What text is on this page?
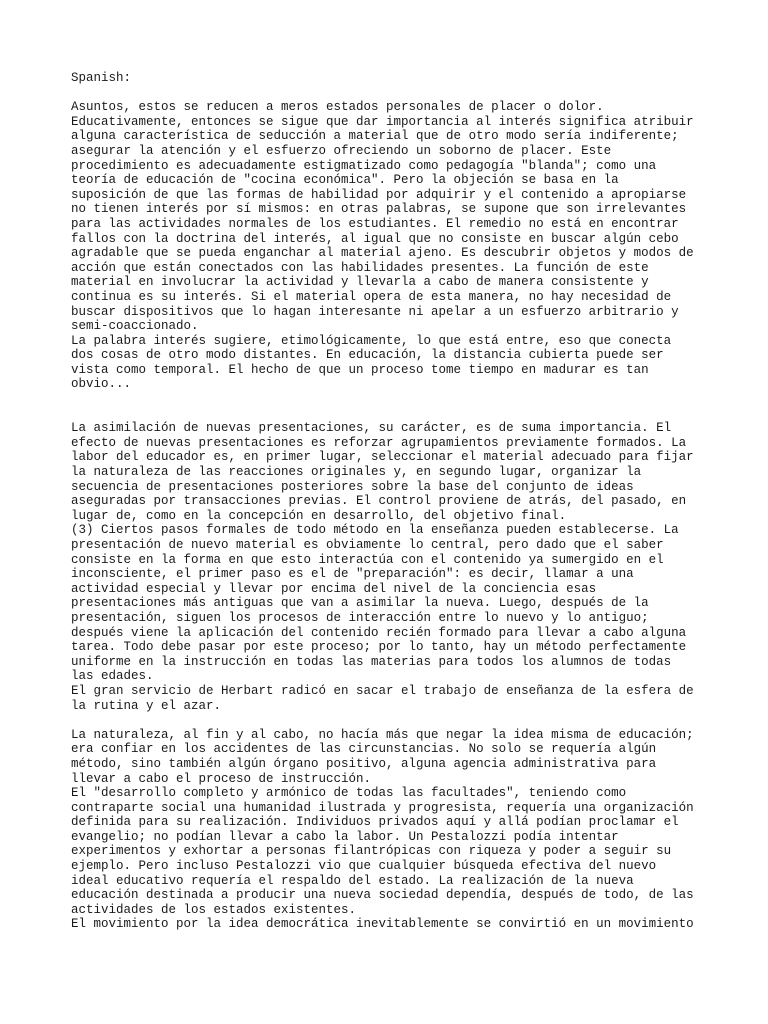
Spanish:
Asuntos, estos se reducen a meros estados personales de placer o dolor.
Educativamente, entonces se sigue que dar importancia al interés significa atribuir
alguna característica de seducción a material que de otro modo sería indiferente;
asegurar la atención y el esfuerzo ofreciendo un soborno de placer. Este
procedimiento es adecuadamente estigmatizado como pedagogía "blanda"; como una
teoría de educación de "cocina económica". Pero la objeción se basa en la
suposición de que las formas de habilidad por adquirir y el contenido a apropiarse
no tienen interés por sí mismos: en otras palabras, se supone que son irrelevantes
para las actividades normales de los estudiantes. El remedio no está en encontrar
fallos con la doctrina del interés, al igual que no consiste en buscar algún cebo
agradable que se pueda enganchar al material ajeno. Es descubrir objetos y modos de
acción que están conectados con las habilidades presentes. La función de este
material en involucrar la actividad y llevarla a cabo de manera consistente y
continua es su interés. Si el material opera de esta manera, no hay necesidad de
buscar dispositivos que lo hagan interesante ni apelar a un esfuerzo arbitrario y
semi-coaccionado.
La palabra interés sugiere, etimológicamente, lo que está entre, eso que conecta
dos cosas de otro modo distantes. En educación, la distancia cubierta puede ser
vista como temporal. El hecho de que un proceso tome tiempo en madurar es tan
obvio...
La asimilación de nuevas presentaciones, su carácter, es de suma importancia. El
efecto de nuevas presentaciones es reforzar agrupamientos previamente formados. La
labor del educador es, en primer lugar, seleccionar el material adecuado para fijar
la naturaleza de las reacciones originales y, en segundo lugar, organizar la
secuencia de presentaciones posteriores sobre la base del conjunto de ideas
aseguradas por transacciones previas. El control proviene de atrás, del pasado, en
lugar de, como en la concepción en desarrollo, del objetivo final.
(3) Ciertos pasos formales de todo método en la enseñanza pueden establecerse. La
presentación de nuevo material es obviamente lo central, pero dado que el saber
consiste en la forma en que esto interactúa con el contenido ya sumergido en el
inconsciente, el primer paso es el de "preparación": es decir, llamar a una
actividad especial y llevar por encima del nivel de la conciencia esas
presentaciones más antiguas que van a asimilar la nueva. Luego, después de la
presentación, siguen los procesos de interacción entre lo nuevo y lo antiguo;
después viene la aplicación del contenido recién formado para llevar a cabo alguna
tarea. Todo debe pasar por este proceso; por lo tanto, hay un método perfectamente
uniforme en la instrucción en todas las materias para todos los alumnos de todas
las edades.
El gran servicio de Herbart radicó en sacar el trabajo de enseñanza de la esfera de
la rutina y el azar.
La naturaleza, al fin y al cabo, no hacía más que negar la idea misma de educación;
era confiar en los accidentes de las circunstancias. No solo se requería algún
método, sino también algún órgano positivo, alguna agencia administrativa para
llevar a cabo el proceso de instrucción.
El "desarrollo completo y armónico de todas las facultades", teniendo como
contraparte social una humanidad ilustrada y progresista, requería una organización
definida para su realización. Individuos privados aquí y allá podían proclamar el
evangelio; no podían llevar a cabo la labor. Un Pestalozzi podía intentar
experimentos y exhortar a personas filantrópicas con riqueza y poder a seguir su
ejemplo. Pero incluso Pestalozzi vio que cualquier búsqueda efectiva del nuevo
ideal educativo requería el respaldo del estado. La realización de la nueva
educación destinada a producir una nueva sociedad dependía, después de todo, de las
actividades de los estados existentes.
El movimiento por la idea democrática inevitablemente se convirtió en un movimiento
